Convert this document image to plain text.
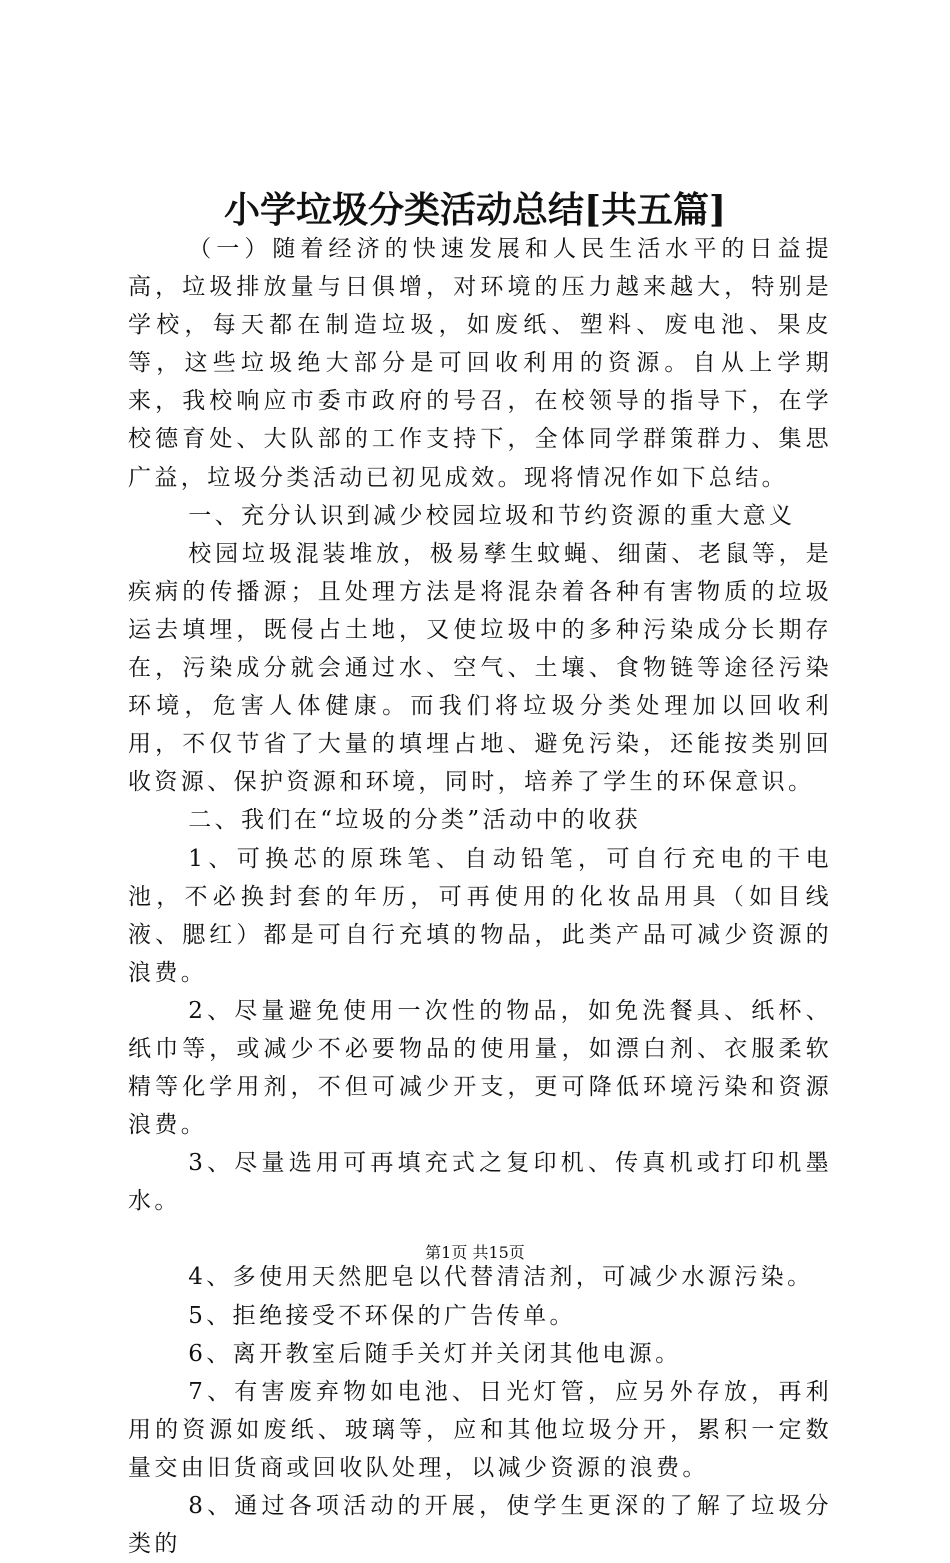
小学垃圾分类活动总结[共五篇]

（一）随着经济的快速发展和人民生活水平的日益提高，垃圾排放量与日俱增，对环境的压力越来越大，特别是学校，每天都在制造垃圾，如废纸、塑料、废电池、果皮等，这些垃圾绝大部分是可回收利用的资源。自从上学期来，我校响应市委市政府的号召，在校领导的指导下，在学校德育处、大队部的工作支持下，全体同学群策群力、集思广益，垃圾分类活动已初见成效。现将情况作如下总结。

一、充分认识到减少校园垃圾和节约资源的重大意义

校园垃圾混装堆放，极易孳生蚊蝇、细菌、老鼠等，是疾病的传播源；且处理方法是将混杂着各种有害物质的垃圾运去填埋，既侵占土地，又使垃圾中的多种污染成分长期存在，污染成分就会通过水、空气、土壤、食物链等途径污染环境，危害人体健康。而我们将垃圾分类处理加以回收利用，不仅节省了大量的填埋占地、避免污染，还能按类别回收资源、保护资源和环境，同时，培养了学生的环保意识。

二、我们在“垃圾的分类”活动中的收获

1、可换芯的原珠笔、自动铅笔，可自行充电的干电池，不必换封套的年历，可再使用的化妆品用具（如目线液、腮红）都是可自行充填的物品，此类产品可减少资源的浪费。

2、尽量避免使用一次性的物品，如免洗餐具、纸杯、纸巾等，或减少不必要物品的使用量，如漂白剂、衣服柔软精等化学用剂，不但可减少开支，更可降低环境污染和资源浪费。

3、尽量选用可再填充式之复印机、传真机或打印机墨水。

4、多使用天然肥皂以代替清洁剂，可减少水源污染。

5、拒绝接受不环保的广告传单。

6、离开教室后随手关灯并关闭其他电源。

7、有害废弃物如电池、日光灯管，应另外存放，再利用的资源如废纸、玻璃等，应和其他垃圾分开，累积一定数量交由旧货商或回收队处理，以减少资源的浪费。

8、通过各项活动的开展，使学生更深的了解了垃圾分类的

第1页 共15页
